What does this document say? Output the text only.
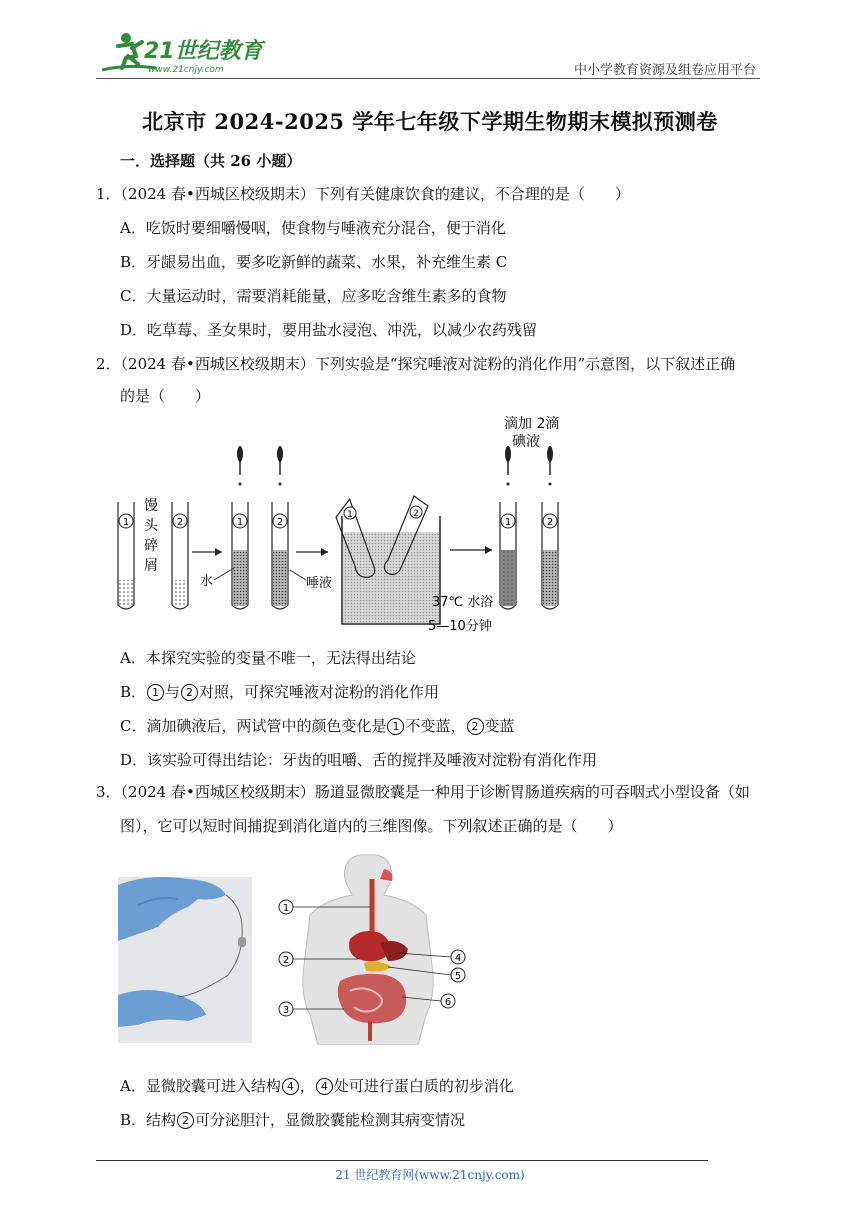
21世纪教育
www.21cnjy.com	中小学教育资源及组卷应用平台
北京市 2024-2025 学年七年级下学期生物期末模拟预测卷
一．选择题（共 26 小题）
1．（2024 春•西城区校级期末）下列有关健康饮食的建议，不合理的是（　　）
A．吃饭时要细嚼慢咽，使食物与唾液充分混合，便于消化
B．牙龈易出血，要多吃新鲜的蔬菜、水果，补充维生素 C
C．大量运动时，需要消耗能量，应多吃含维生素多的食物
D．吃草莓、圣女果时，要用盐水浸泡、冲洗，以减少农药残留
2．（2024 春•西城区校级期末）下列实验是“探究唾液对淀粉的消化作用”示意图，以下叙述正确
的是（　　）
1
馒
头
碎
屑
2	1
水
2
唾液
1	2
37℃ 水浴
5—10分钟
滴加 2滴
碘液
1	2
A．本探究实验的变量不唯一，无法得出结论
B． 1 与 2 对照，可探究唾液对淀粉的消化作用
C．滴加碘液后，两试管中的颜色变化是 1 不变蓝， 2 变蓝
D．该实验可得出结论：牙齿的咀嚼、舌的搅拌及唾液对淀粉有消化作用
3．（2024 春•西城区校级期末）肠道显微胶囊是一种用于诊断胃肠道疾病的可吞咽式小型设备（如
图），它可以短时间捕捉到消化道内的三维图像。下列叙述正确的是（　　）
1
2
3
4
5
6
A．显微胶囊可进入结构 4 ， 4 处可进行蛋白质的初步消化
B．结构 2 可分泌胆汁，显微胶囊能检测其病变情况
21 世纪教育网(www.21cnjy.com)
